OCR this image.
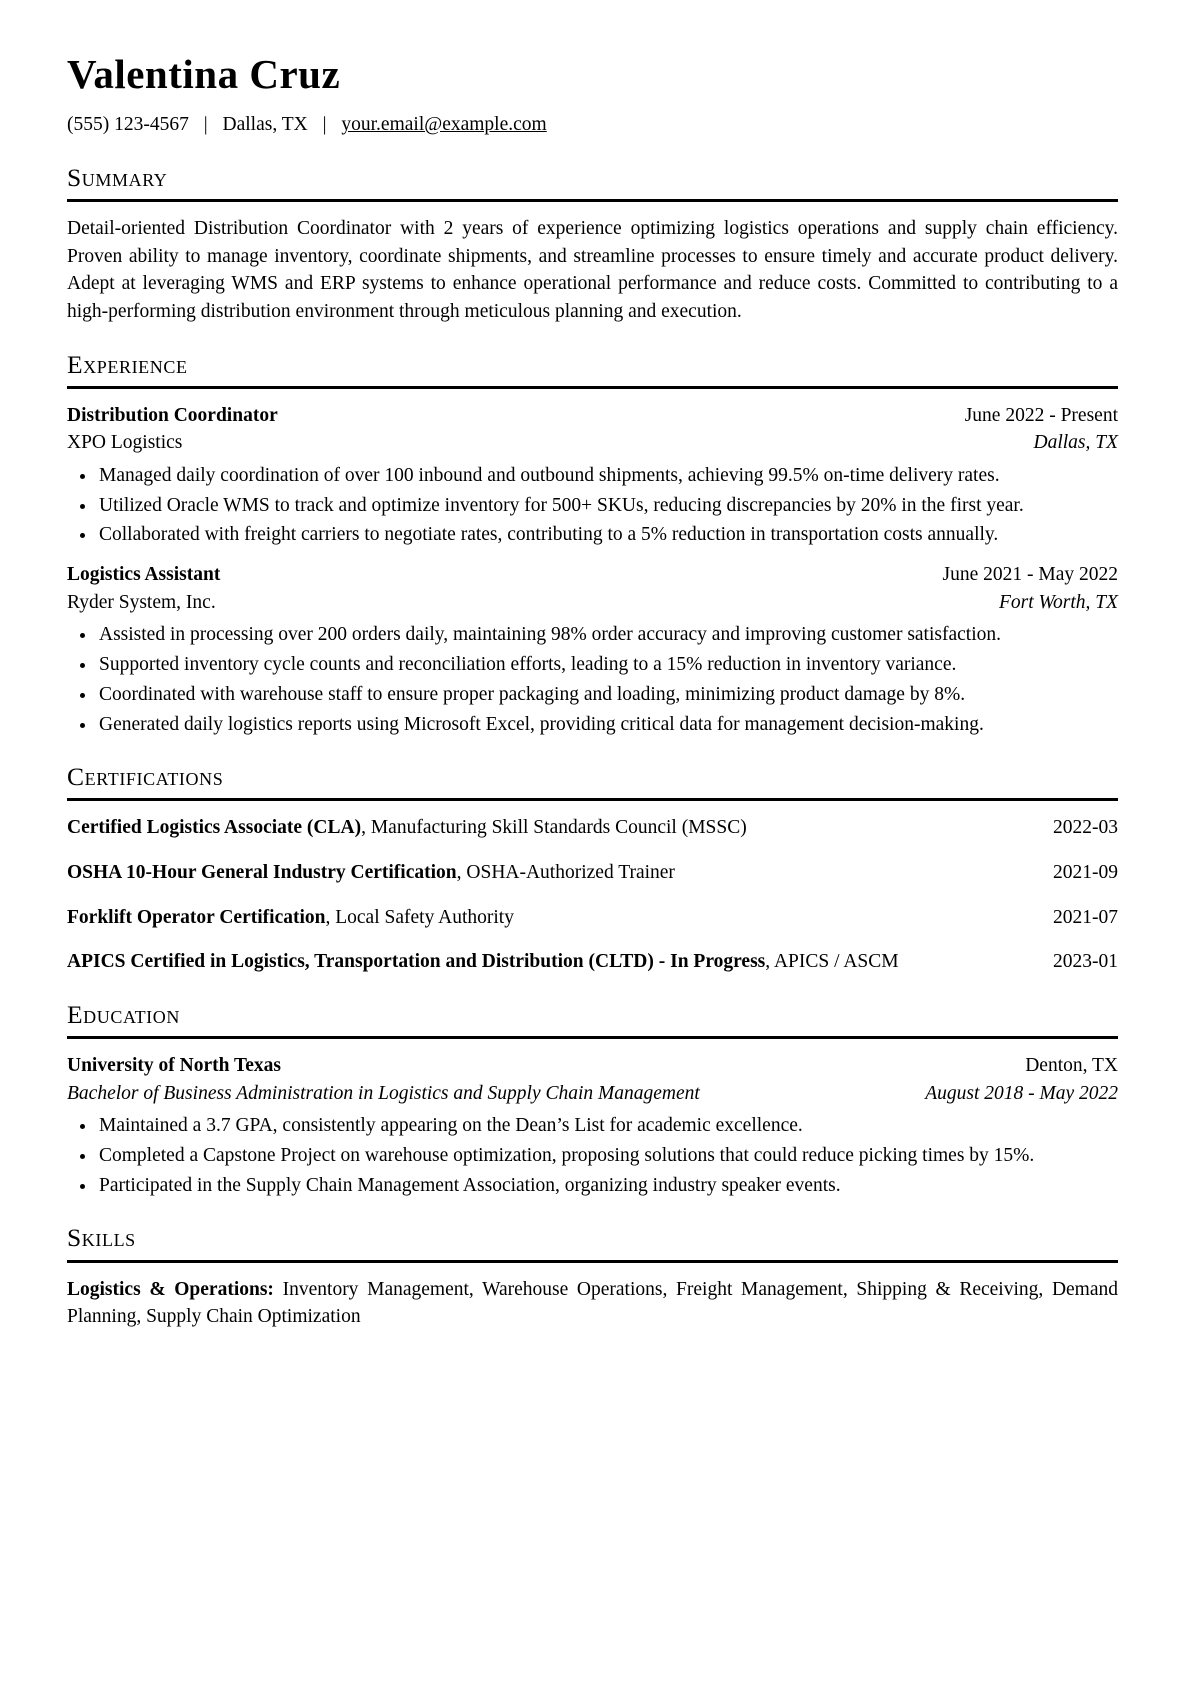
Valentina Cruz
(555) 123-4567 | Dallas, TX | your.email@example.com
Summary

Detail-oriented Distribution Coordinator with 2 years of experience optimizing logistics operations and supply chain efficiency. Proven ability to manage inventory, coordinate shipments, and streamline processes to ensure timely and accurate product delivery. Adept at leveraging WMS and ERP systems to enhance operational performance and reduce costs. Committed to contributing to a high-performing distribution environment through meticulous planning and execution.

Experience
Distribution Coordinator	June 2022 - Present
XPO Logistics	Dallas, TX
• Managed daily coordination of over 100 inbound and outbound shipments, achieving 99.5% on-time delivery rates.
• Utilized Oracle WMS to track and optimize inventory for 500+ SKUs, reducing discrepancies by 20% in the first year.
• Collaborated with freight carriers to negotiate rates, contributing to a 5% reduction in transportation costs annually.
Logistics Assistant	June 2021 - May 2022
Ryder System, Inc.	Fort Worth, TX
• Assisted in processing over 200 orders daily, maintaining 98% order accuracy and improving customer satisfaction.
• Supported inventory cycle counts and reconciliation efforts, leading to a 15% reduction in inventory variance.
• Coordinated with warehouse staff to ensure proper packaging and loading, minimizing product damage by 8%.
• Generated daily logistics reports using Microsoft Excel, providing critical data for management decision-making.
Certifications
Certified Logistics Associate (CLA), Manufacturing Skill Standards Council (MSSC)	2022-03
OSHA 10-Hour General Industry Certification, OSHA-Authorized Trainer	2021-09
Forklift Operator Certification, Local Safety Authority	2021-07
APICS Certified in Logistics, Transportation and Distribution (CLTD) - In Progress, APICS / ASCM	2023-01
Education
University of North Texas	Denton, TX
Bachelor of Business Administration in Logistics and Supply Chain Management	August 2018 - May 2022
• Maintained a 3.7 GPA, consistently appearing on the Dean’s List for academic excellence.
• Completed a Capstone Project on warehouse optimization, proposing solutions that could reduce picking times by 15%.
• Participated in the Supply Chain Management Association, organizing industry speaker events.
Skills

Logistics & Operations: Inventory Management, Warehouse Operations, Freight Management, Shipping & Receiving, Demand Planning, Supply Chain Optimization
